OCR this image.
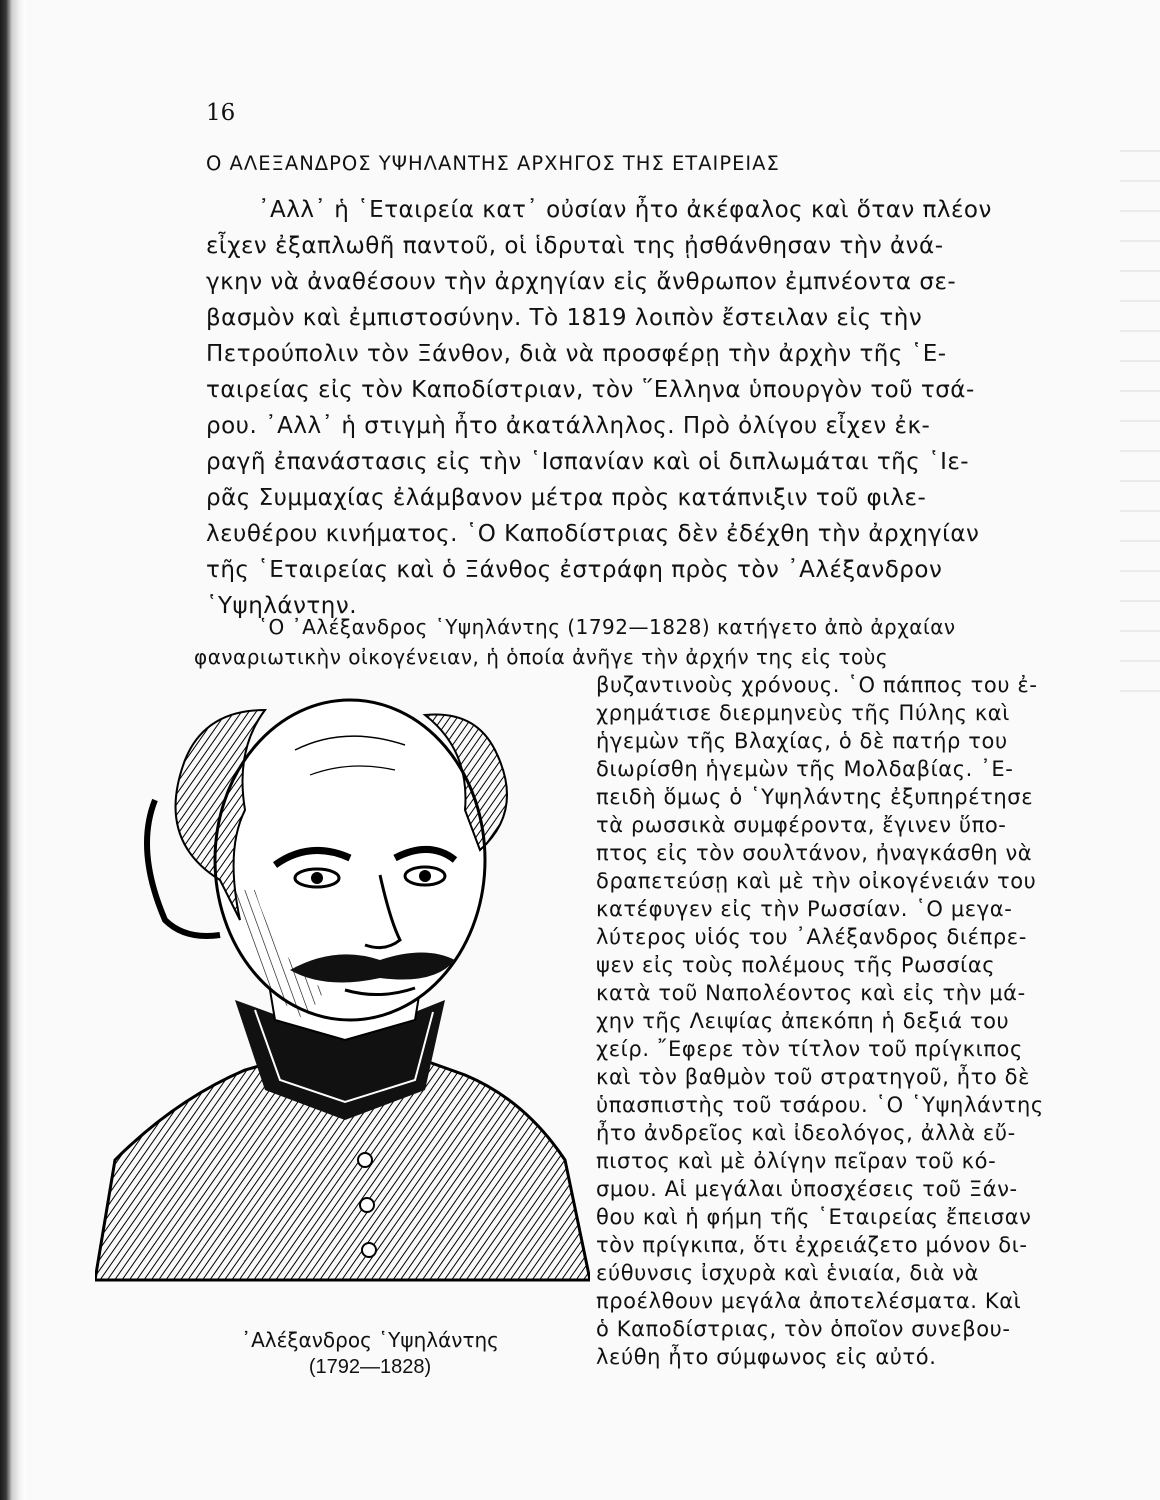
16
Ο ΑΛΕΞΑΝΔΡΟΣ ΥΨΗΛΑΝΤΗΣ ΑΡΧΗΓΟΣ ΤΗΣ ΕΤΑΙΡΕΙΑΣ
᾿Αλλ᾿ ἡ ῾Εταιρεία κατ᾿ οὐσίαν ἦτο ἀκέφαλος καὶ ὅταν πλέον
εἶχεν ἐξαπλωθῆ παντοῦ, οἱ ἱδρυταὶ της ᾐσθάνθησαν τὴν ἀνά-
γκην νὰ ἀναθέσουν τὴν ἀρχηγίαν εἰς ἄνθρωπον ἐμπνέοντα σε-
βασμὸν καὶ ἐμπιστοσύνην. Τὸ 1819 λοιπὸν ἔστειλαν εἰς τὴν
Πετρούπολιν τὸν Ξάνθον, διὰ νὰ προσφέρῃ τὴν ἀρχὴν τῆς ῾Ε-
ταιρείας εἰς τὸν Καποδίστριαν, τὸν ῞Ελληνα ὑπουργὸν τοῦ τσά-
ρου. ᾿Αλλ᾿ ἡ στιγμὴ ἦτο ἀκατάλληλος. Πρὸ ὀλίγου εἶχεν ἐκ-
ραγῆ ἐπανάστασις εἰς τὴν ῾Ισπανίαν καὶ οἱ διπλωμάται τῆς ῾Ιε-
ρᾶς Συμμαχίας ἐλάμβανον μέτρα πρὸς κατάπνιξιν τοῦ φιλε-
λευθέρου κινήματος. ῾Ο Καποδίστριας δὲν ἐδέχθη τὴν ἀρχηγίαν
τῆς ῾Εταιρείας καὶ ὁ Ξάνθος ἐστράφη πρὸς τὸν ᾿Αλέξανδρον
῾Υψηλάντην.
῾Ο ᾿Αλέξανδρος ῾Υψηλάντης (1792—1828) κατήγετο ἀπὸ ἀρχαίαν
φαναριωτικὴν οἰκογένειαν, ἡ ὁποία ἀνῆγε τὴν ἀρχήν της εἰς τοὺς
βυζαντινοὺς χρόνους. ῾Ο πάππος του ἐ-
χρημάτισε διερμηνεὺς τῆς Πύλης καὶ
ἡγεμὼν τῆς Βλαχίας, ὁ δὲ πατήρ του
διωρίσθη ἡγεμὼν τῆς Μολδαβίας. ᾿Ε-
πειδὴ ὅμως ὁ ῾Υψηλάντης ἐξυπηρέτησε
τὰ ρωσσικὰ συμφέροντα, ἔγινεν ὕπο-
πτος εἰς τὸν σουλτάνον, ἠναγκάσθη νὰ
δραπετεύσῃ καὶ μὲ τὴν οἰκογένειάν του
κατέφυγεν εἰς τὴν Ρωσσίαν. ῾Ο μεγα-
λύτερος υἱός του ᾿Αλέξανδρος διέπρε-
ψεν εἰς τοὺς πολέμους τῆς Ρωσσίας
κατὰ τοῦ Ναπολέοντος καὶ εἰς τὴν μά-
χην τῆς Λειψίας ἀπεκόπη ἡ δεξιά του
χείρ. ῎Εφερε τὸν τίτλον τοῦ πρίγκιπος
καὶ τὸν βαθμὸν τοῦ στρατηγοῦ, ἦτο δὲ
ὑπασπιστὴς τοῦ τσάρου. ῾Ο ῾Υψηλάντης
ἦτο ἀνδρεῖος καὶ ἰδεολόγος, ἀλλὰ εὔ-
πιστος καὶ μὲ ὀλίγην πεῖραν τοῦ κό-
σμου. Αἱ μεγάλαι ὑποσχέσεις τοῦ Ξάν-
θου καὶ ἡ φήμη τῆς ῾Εταιρείας ἔπεισαν
τὸν πρίγκιπα, ὅτι ἐχρειάζετο μόνον δι-
εύθυνσις ἰσχυρὰ καὶ ἑνιαία, διὰ νὰ
προέλθουν μεγάλα ἀποτελέσματα. Καὶ
ὁ Καποδίστριας, τὸν ὁποῖον συνεβου-
λεύθη ἦτο σύμφωνος εἰς αὐτό.
᾿Αλέξανδρος ῾Υψηλάντης
(1792—1828)
